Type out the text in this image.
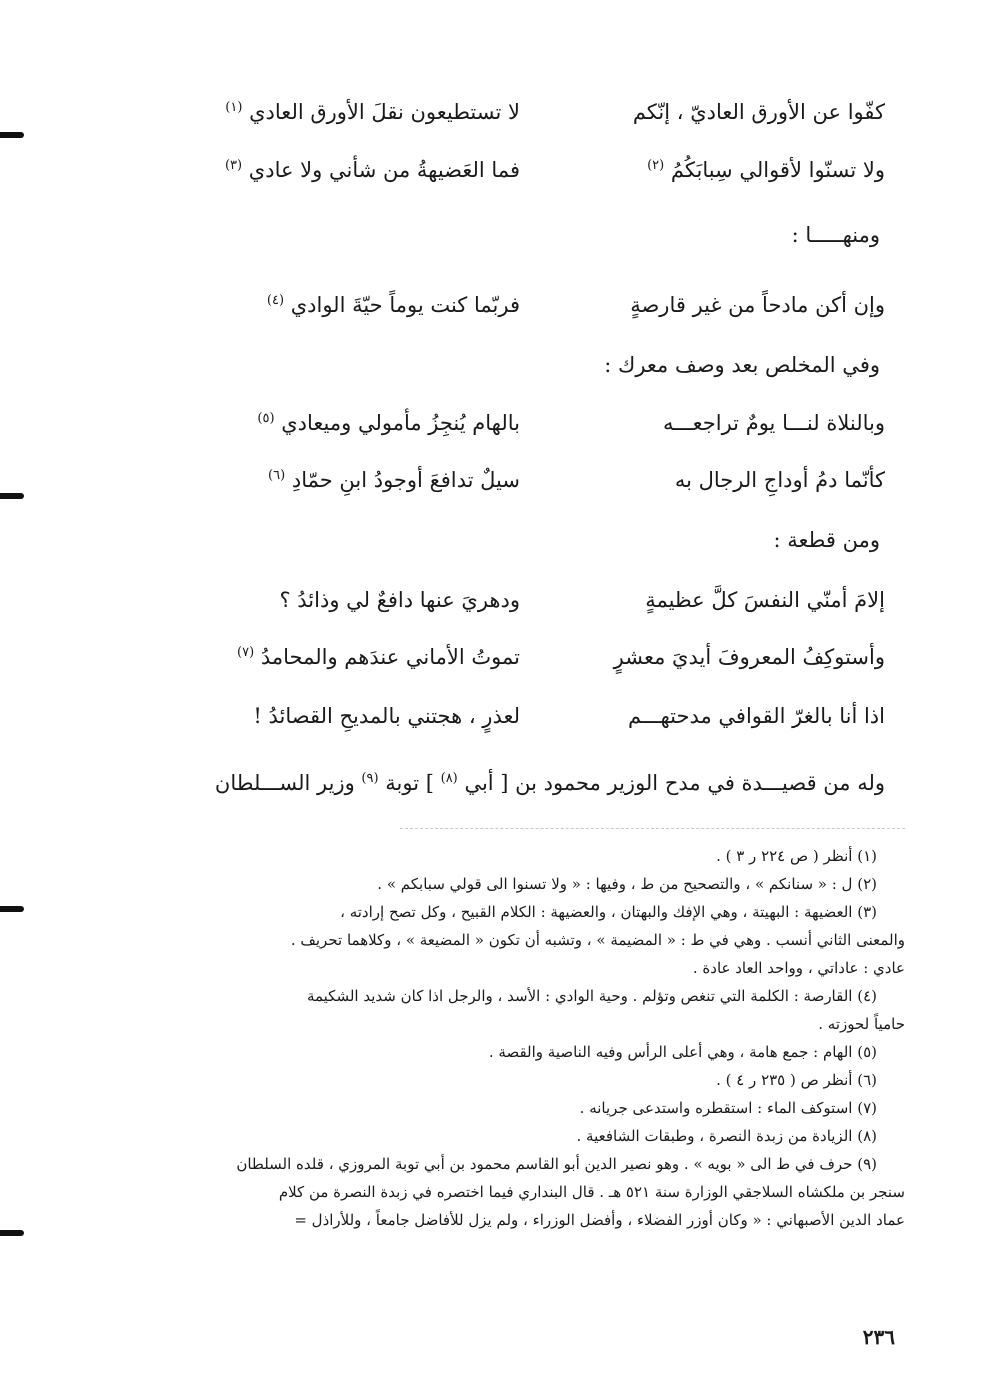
كفّوا عن الأورق العاديّ ، إنّكم
لا تستطيعون نقلَ الأورق العادي $^{(١)}$
ولا تسنّوا لأقوالي سِبابَكُمُ $^{(٢)}$
فما العَضيهةُ من شأني ولا عادي $^{(٣)}$
ومنهـــــا :
وإن أكن مادحاً من غير قارصةٍ
فربّما كنت يوماً حيّةَ الوادي $^{(٤)}$
وفي المخلص بعد وصف معرك :
وبالنلاة لنـــا يومٌ تراجعـــه
بالهام يُنجِزُ مأمولي وميعادي $^{(٥)}$
كأنّما دمُ أوداجِ الرجال به
سيلٌ تدافعَ أوجودُ ابنِ حمّادِ $^{(٦)}$
ومن قطعة :
إلامَ أمنّي النفسَ كلَّ عظيمةٍ
ودهريَ عنها دافعٌ لي وذائدُ ؟
وأستوكِفُ المعروفَ أيديَ معشرٍ
تموتُ الأماني عندَهم والمحامدُ $^{(٧)}$
اذا أنا بالغرّ القوافي مدحتهـــم
لعذرٍ ، هجتني بالمديحِ القصائدُ !
وله من قصيـــدة في مدح الوزير محمود بن [ أبي $^{(٨)}$ ] توبة $^{(٩)}$ وزير الســـلطان
(١) أنظر ( ص ٢٢٤ ر ٣ ) .
(٢) ل : « سنانكم » ، والتصحيح من ط ، وفيها : « ولا تسنوا الى قولي سبابكم » .
(٣) العضيهة : البهيتة ، وهي الإفك والبهتان ، والعضيهة : الكلام القبيح ، وكل تصح إرادته ،
والمعنى الثاني أنسب . وهي في ط : « المضيمة » ، وتشبه أن تكون « المضيعة » ، وكلاهما تحريف .
عادي : عاداتي ، وواحد العاد عادة .
(٤) القارصة : الكلمة التي تنغص وتؤلم . وحية الوادي : الأسد ، والرجل اذا كان شديد الشكيمة
حامياً لحوزته .
(٥) الهام : جمع هامة ، وهي أعلى الرأس وفيه الناصية والقصة .
(٦) أنظر ص ( ٢٣٥ ر ٤ ) .
(٧) استوكف الماء : استقطره واستدعى جريانه .
(٨) الزيادة من زبدة النصرة ، وطبقات الشافعية .
(٩) حرف في ط الى « بويه » . وهو نصير الدين أبو القاسم محمود بن أبي توبة المروزي ، قلده السلطان
سنجر بن ملكشاه السلاجقي الوزارة سنة ٥٢١ هـ . قال البنداري فيما اختصره في زبدة النصرة من كلام
عماد الدين الأصبهاني : « وكان أوزر الفضلاء ، وأفضل الوزراء ، ولم يزل للأفاضل جامعاً ، وللأراذل =
٢٣٦
